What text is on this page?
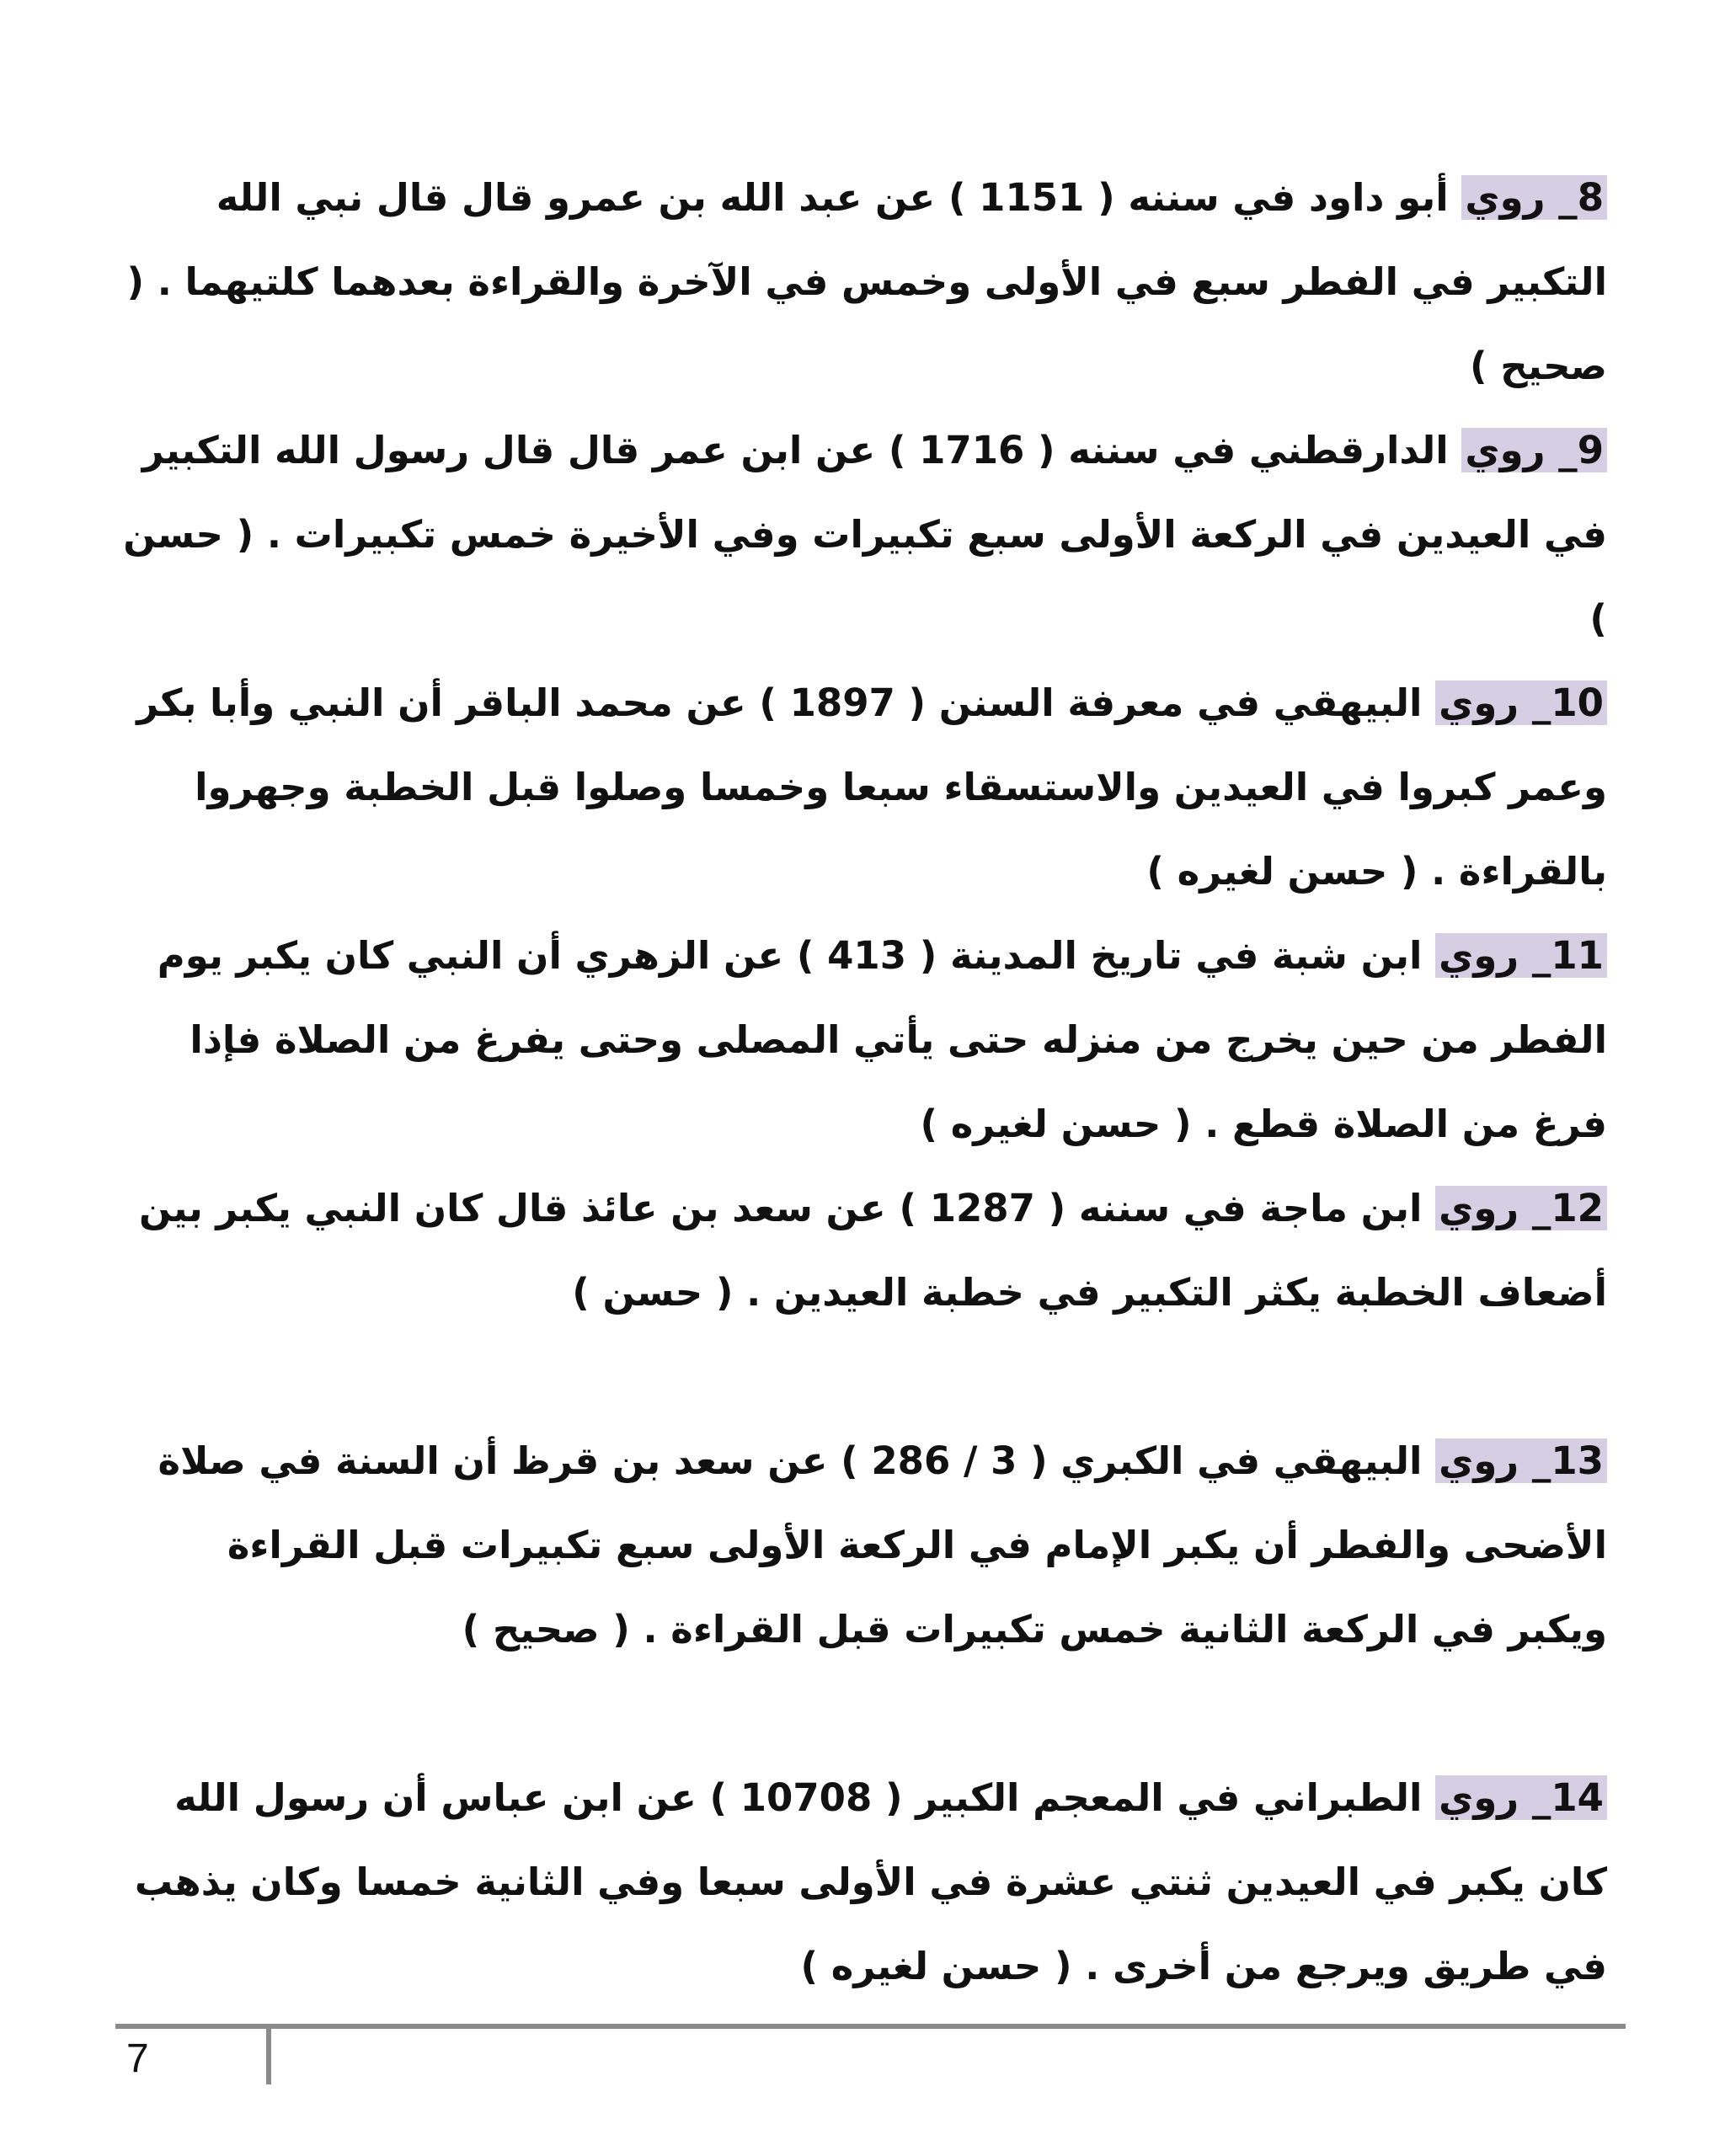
8_ روي أبو داود في سننه ( 1151 ) عن عبد الله بن عمرو قال قال نبي الله التكبير في الفطر سبع في الأولى وخمس في الآخرة والقراءة بعدهما كلتيهما . ( صحيح )

9_ روي الدارقطني في سننه ( 1716 ) عن ابن عمر قال قال رسول الله التكبير في العيدين في الركعة الأولى سبع تكبيرات وفي الأخيرة خمس تكبيرات . ( حسن )

10_ روي البيهقي في معرفة السنن ( 1897 ) عن محمد الباقر أن النبي وأبا بكر وعمر كبروا في العيدين والاستسقاء سبعا وخمسا وصلوا قبل الخطبة وجهروا بالقراءة . ( حسن لغيره )

11_ روي ابن شبة في تاريخ المدينة ( 413 ) عن الزهري أن النبي كان يكبر يوم الفطر من حين يخرج من منزله حتى يأتي المصلى وحتى يفرغ من الصلاة فإذا فرغ من الصلاة قطع . ( حسن لغيره )

12_ روي ابن ماجة في سننه ( 1287 ) عن سعد بن عائذ قال كان النبي يكبر بين أضعاف الخطبة يكثر التكبير في خطبة العيدين . ( حسن )

13_ روي البيهقي في الكبري ( 3 / 286 ) عن سعد بن قرظ أن السنة في صلاة الأضحى والفطر أن يكبر الإمام في الركعة الأولى سبع تكبيرات قبل القراءة ويكبر في الركعة الثانية خمس تكبيرات قبل القراءة . ( صحيح )

14_ روي الطبراني في المعجم الكبير ( 10708 ) عن ابن عباس أن رسول الله كان يكبر في العيدين ثنتي عشرة في الأولى سبعا وفي الثانية خمسا وكان يذهب في طريق ويرجع من أخرى . ( حسن لغيره )

7
